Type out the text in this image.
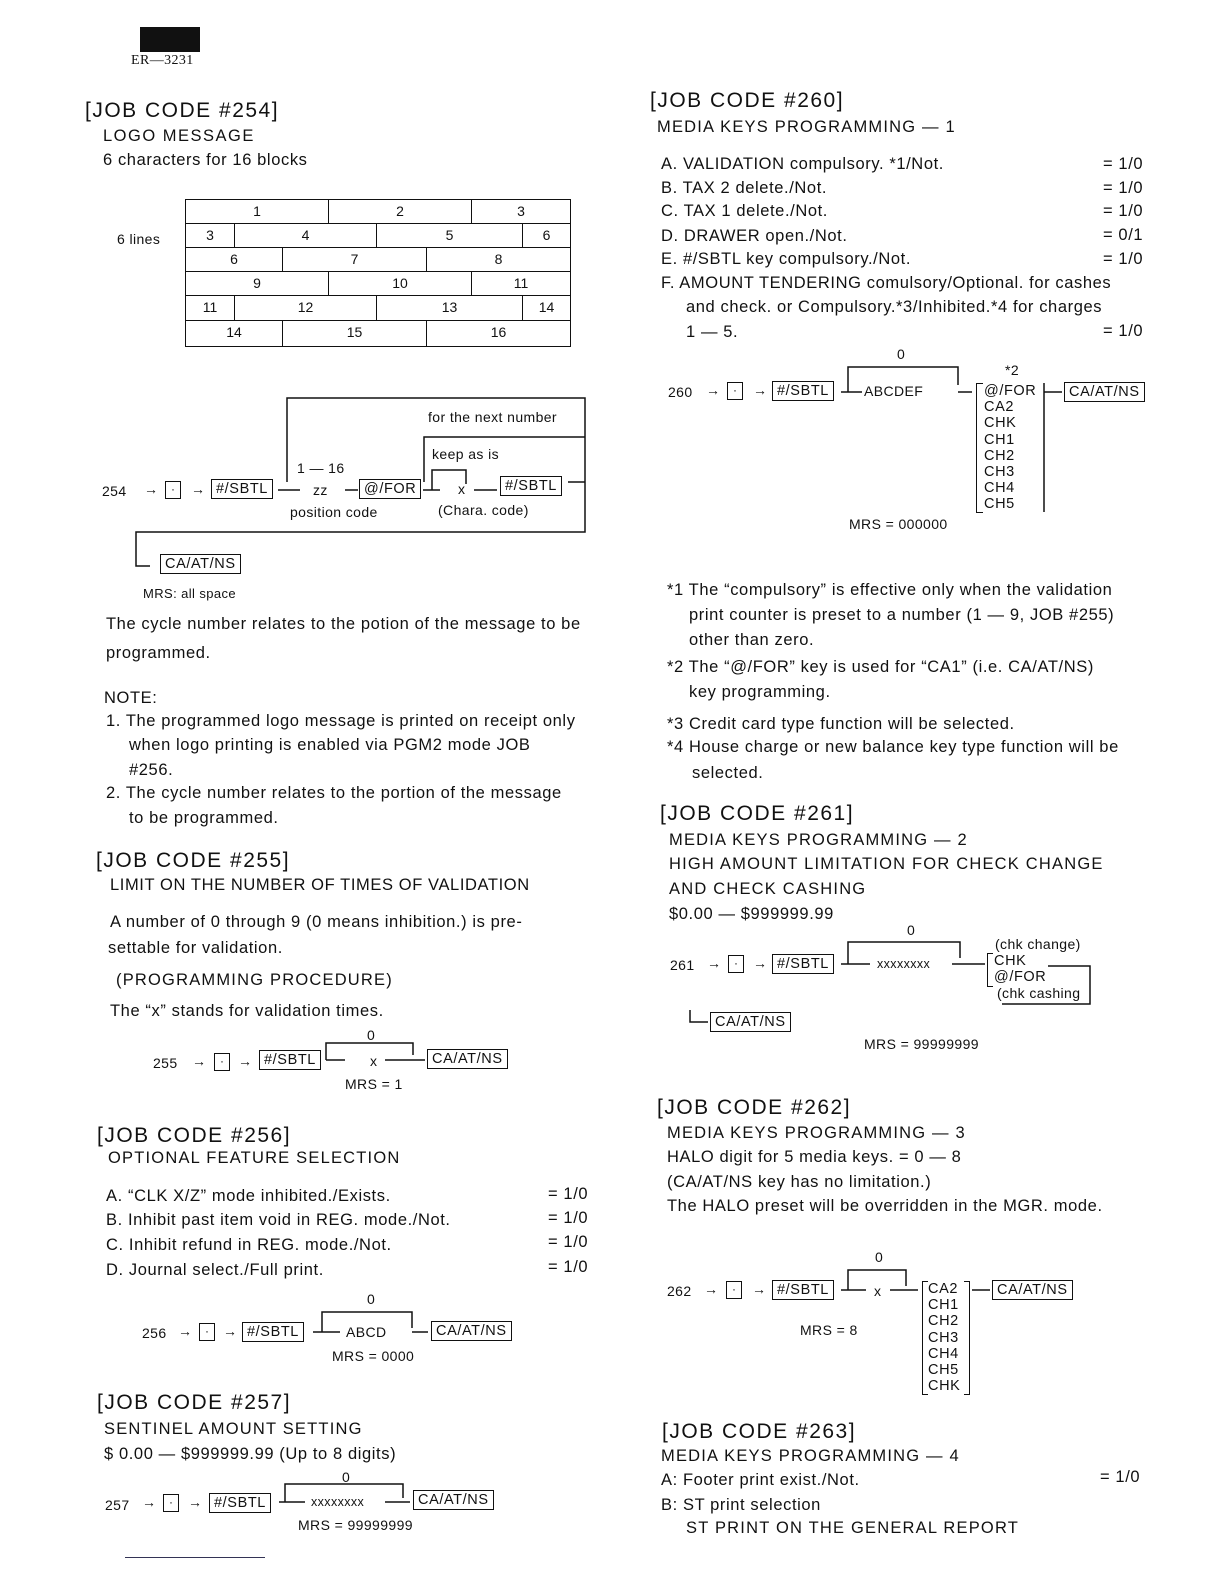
ER—3231
[JOB CODE #254]
LOGO MESSAGE
6 characters for 16 blocks
6 lines
1	2	3
3	4	5	6
6	7	8
9	10	11
11	12	13	14
14	15	16
for the next number
keep as is
254 →	·	→ #/SBTL
1 — 16
zz	@/FOR	x	#/SBTL
position code	(Chara. code)
CA/AT/NS
MRS: all space
The cycle number relates to the potion of the message to be
programmed.
NOTE:
1. The programmed logo message is printed on receipt only
when logo printing is enabled via PGM2 mode JOB
#256.
2. The cycle number relates to the portion of the message
to be programmed.
[JOB CODE #255]
LIMIT ON THE NUMBER OF TIMES OF VALIDATION
A number of 0 through 9 (0 means inhibition.) is pre-
settable for validation.
(PROGRAMMING PROCEDURE)
The “x” stands for validation times.
0
255 →	·	→ #/SBTL	x	CA/AT/NS
MRS = 1
[JOB CODE #256]
OPTIONAL FEATURE SELECTION
A. “CLK X/Z” mode inhibited./Exists.	= 1/0
B. Inhibit past item void in REG. mode./Not.	= 1/0
C. Inhibit refund in REG. mode./Not.	= 1/0
D. Journal select./Full print.	= 1/0
0
256 →	·	→ #/SBTL	ABCD	CA/AT/NS
MRS = 0000
[JOB CODE #257]
SENTINEL AMOUNT SETTING
$ 0.00 — $999999.99 (Up to 8 digits)
0
257 →	·	→ #/SBTL	xxxxxxxx	CA/AT/NS
MRS = 99999999
[JOB CODE #260]
MEDIA KEYS PROGRAMMING — 1
A. VALIDATION compulsory. *1/Not.	= 1/0
B. TAX 2 delete./Not.	= 1/0
C. TAX 1 delete./Not.	= 1/0
D. DRAWER open./Not.	= 0/1
E. #/SBTL key compulsory./Not.	= 1/0
F. AMOUNT TENDERING comulsory/Optional. for cashes
and check. or Compulsory.*3/Inhibited.*4 for charges
1 — 5.	= 1/0
0
*2
260 →	·	→ #/SBTL	ABCDEF	@/FOR
CA2
CHK
CH1
CH2
CH3
CH4
CH5
CA/AT/NS
MRS = 000000
*1 The “compulsory” is effective only when the validation
print counter is preset to a number (1 — 9, JOB #255)
other than zero.
*2 The “@/FOR” key is used for “CA1” (i.e. CA/AT/NS)
key programming.
*3 Credit card type function will be selected.
*4 House charge or new balance key type function will be
selected.
[JOB CODE #261]
MEDIA KEYS PROGRAMMING — 2
HIGH AMOUNT LIMITATION FOR CHECK CHANGE
AND CHECK CASHING
$0.00 — $999999.99
0
(chk change)
261 →	·	→ #/SBTL	xxxxxxxx	CHK
@/FOR
(chk cashing
CA/AT/NS
MRS = 99999999
[JOB CODE #262]
MEDIA KEYS PROGRAMMING — 3
HALO digit for 5 media keys. = 0 — 8
(CA/AT/NS key has no limitation.)
The HALO preset will be overridden in the MGR. mode.
0
262 →	·	→ #/SBTL	x	CA2
CH1
CH2
CH3
CH4
CH5
CHK
CA/AT/NS
MRS = 8
[JOB CODE #263]
MEDIA KEYS PROGRAMMING — 4
A: Footer print exist./Not.	= 1/0
B: ST print selection
ST PRINT ON THE GENERAL REPORT
